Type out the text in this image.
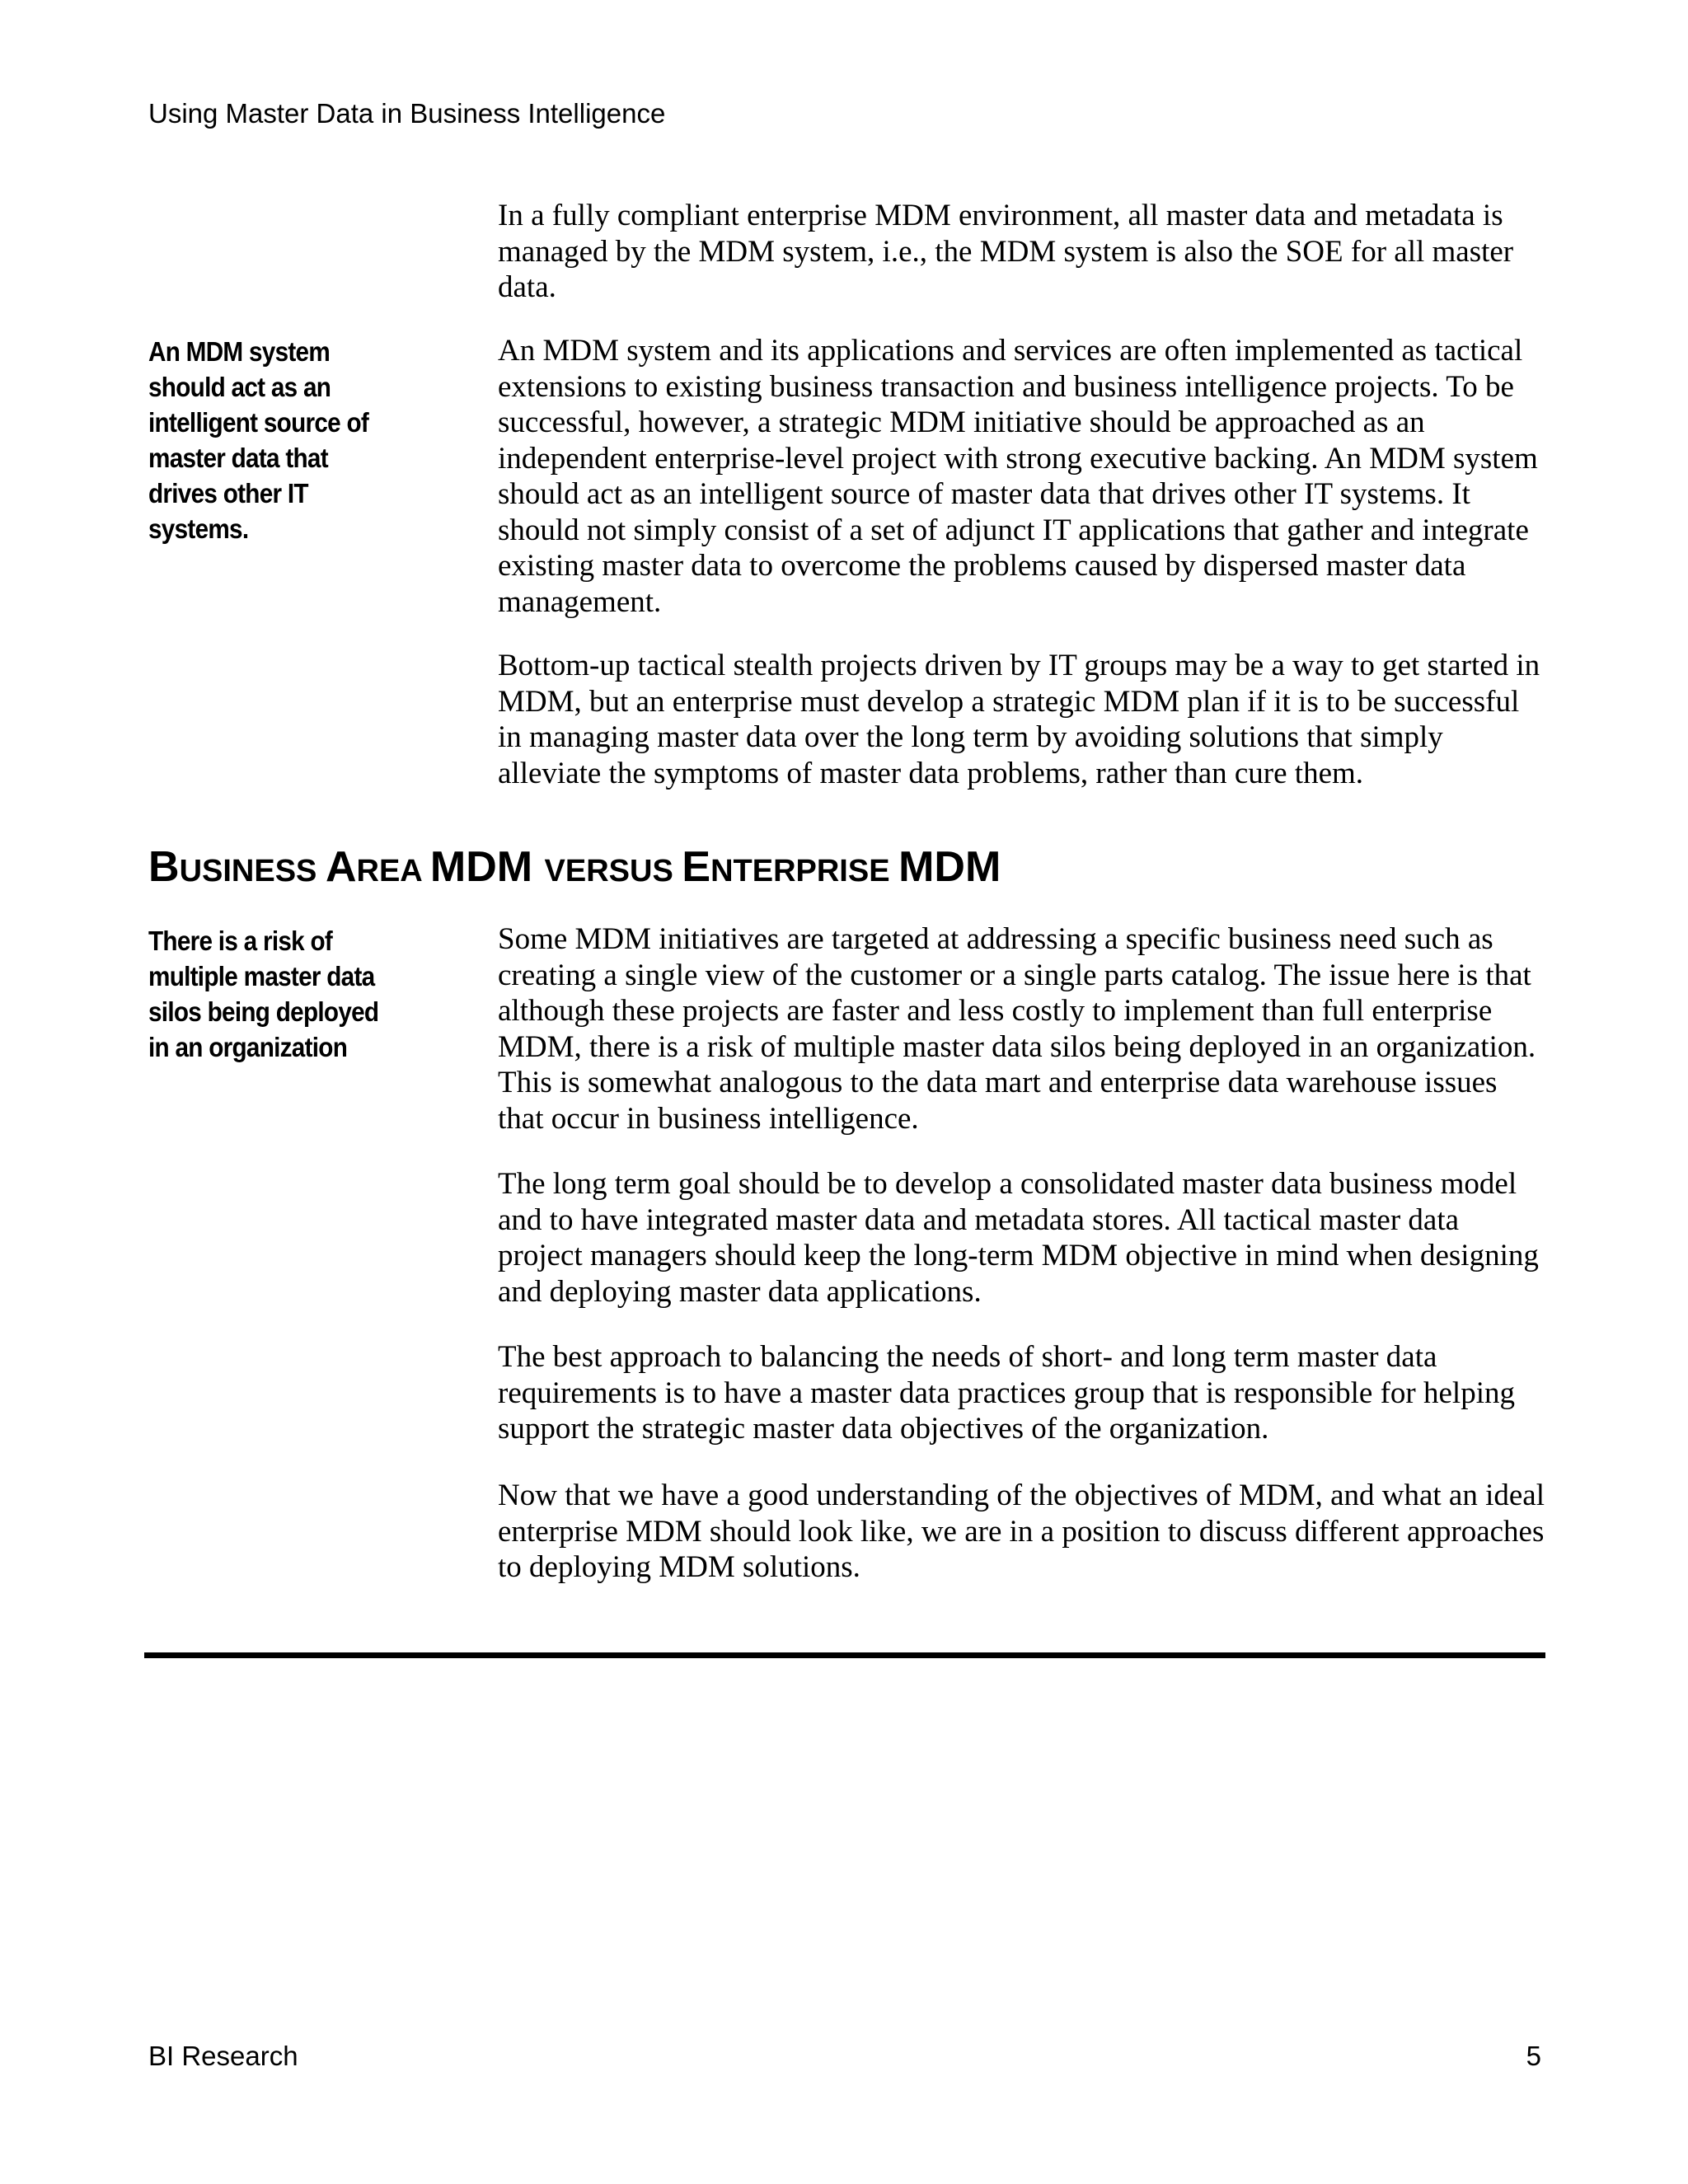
Using Master Data in Business Intelligence

In a fully compliant enterprise MDM environment, all master data and metadata is managed by the MDM system, i.e., the MDM system is also the SOE for all master data.

An MDM system should act as an intelligent source of master data that drives other IT systems.

An MDM system and its applications and services are often implemented as tactical extensions to existing business transaction and business intelligence projects. To be successful, however, a strategic MDM initiative should be approached as an independent enterprise-level project with strong executive backing. An MDM system should act as an intelligent source of master data that drives other IT systems. It should not simply consist of a set of adjunct IT applications that gather and integrate existing master data to overcome the problems caused by dispersed master data management.

Bottom-up tactical stealth projects driven by IT groups may be a way to get started in MDM, but an enterprise must develop a strategic MDM plan if it is to be successful in managing master data over the long term by avoiding solutions that simply alleviate the symptoms of master data problems, rather than cure them.

BUSINESS AREA MDM VERSUS ENTERPRISE MDM
There is a risk of multiple master data silos being deployed in an organization

Some MDM initiatives are targeted at addressing a specific business need such as creating a single view of the customer or a single parts catalog. The issue here is that although these projects are faster and less costly to implement than full enterprise MDM, there is a risk of multiple master data silos being deployed in an organization. This is somewhat analogous to the data mart and enterprise data warehouse issues that occur in business intelligence.

The long term goal should be to develop a consolidated master data business model and to have integrated master data and metadata stores. All tactical master data project managers should keep the long-term MDM objective in mind when designing and deploying master data applications.

The best approach to balancing the needs of short- and long term master data requirements is to have a master data practices group that is responsible for helping support the strategic master data objectives of the organization.

Now that we have a good understanding of the objectives of MDM, and what an ideal enterprise MDM should look like, we are in a position to discuss different approaches to deploying MDM solutions.

BI Research	5
